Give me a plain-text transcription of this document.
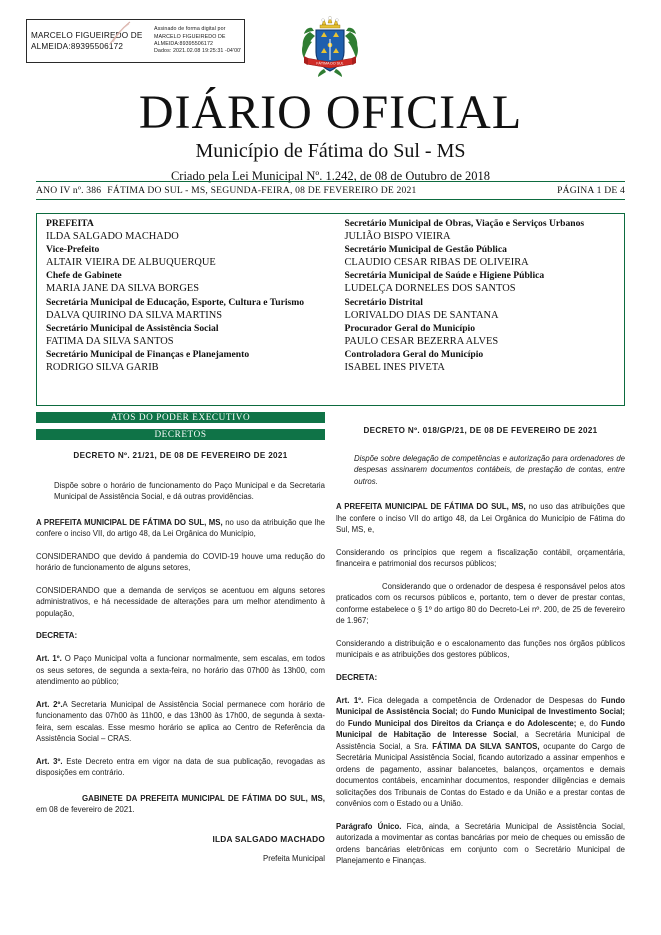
MARCELO FIGUEIREDO DE
ALMEIDA:89395506172
Assinado de forma digital por
MARCELO FIGUEIREDO DE
ALMEIDA:89395506172
Dados: 2021.02.08 19:25:31 -04'00'
FÁTIMA DO SUL
DIÁRIO OFICIAL
Município de Fátima do Sul - MS
Criado pela Lei Municipal Nº. 1.242, de 08 de Outubro de 2018
ANO IV nº. 386 FÁTIMA DO SUL - MS, SEGUNDA-FEIRA, 08 DE FEVEREIRO DE 2021	PÁGINA 1 DE 4
PREFEITA
ILDA SALGADO MACHADO
Vice-Prefeito
ALTAIR VIEIRA DE ALBUQUERQUE
Chefe de Gabinete
MARIA JANE DA SILVA BORGES
Secretária Municipal de Educação, Esporte, Cultura e Turismo
DALVA QUIRINO DA SILVA MARTINS
Secretário Municipal de Assistência Social
FATIMA DA SILVA SANTOS
Secretário Municipal de Finanças e Planejamento
RODRIGO SILVA GARIB
Secretário Municipal de Obras, Viação e Serviços Urbanos
JULIÃO BISPO VIEIRA
Secretário Municipal de Gestão Pública
CLAUDIO CESAR RIBAS DE OLIVEIRA
Secretária Municipal de Saúde e Higiene Pública
LUDELÇA DORNELES DOS SANTOS
Secretário Distrital
LORIVALDO DIAS DE SANTANA
Procurador Geral do Município
PAULO CESAR BEZERRA ALVES
Controladora Geral do Município
ISABEL INES PIVETA
ATOS DO PODER EXECUTIVO
DECRETOS
DECRETO Nº. 21/21, DE 08 DE FEVEREIRO DE 2021
Dispõe sobre o horário de funcionamento do Paço Municipal e da Secretaria Municipal de Assistência Social, e dá outras providências.

A PREFEITA MUNICIPAL DE FÁTIMA DO SUL, MS, no uso da atribuição que lhe confere o inciso VII, do artigo 48, da Lei Orgânica do Município,

CONSIDERANDO que devido á pandemia do COVID-19 houve uma redução do horário de funcionamento de alguns setores,

CONSIDERANDO que a demanda de serviços se acentuou em alguns setores administrativos, e há necessidade de alterações para um melhor atendimento à população,

DECRETA:

Art. 1º. O Paço Municipal volta a funcionar normalmente, sem escalas, em todos os seus setores, de segunda a sexta-feira, no horário das 07h00 às 13h00, com atendimento ao público;

Art. 2º.A Secretaria Municipal de Assistência Social permanece com horário de funcionamento das 07h00 às 11h00, e das 13h00 às 17h00, de segunda à sexta-feira, sem escalas. Esse mesmo horário se aplica ao Centro de Referência da Assistência Social – CRAS.

Art. 3º. Este Decreto entra em vigor na data de sua publicação, revogadas as disposições em contrário.

GABINETE DA PREFEITA MUNICIPAL DE FÁTIMA DO SUL, MS, em 08 de fevereiro de 2021.

ILDA SALGADO MACHADO
Prefeita Municipal
DECRETO Nº. 018/GP/21, DE 08 DE FEVEREIRO DE 2021
Dispõe sobre delegação de competências e autorização para ordenadores de despesas assinarem documentos contábeis, de prestação de contas, entre outros.

A PREFEITA MUNICIPAL DE FÁTIMA DO SUL, MS, no uso das atribuições que lhe confere o inciso VII do artigo 48, da Lei Orgânica do Município de Fátima do Sul, MS, e,

Considerando os princípios que regem a fiscalização contábil, orçamentária, financeira e patrimonial dos recursos públicos;

Considerando que o ordenador de despesa é responsável pelos atos praticados com os recursos públicos e, portanto, tem o dever de prestar contas, conforme estabelece o § 1º do artigo 80 do Decreto-Lei nº. 200, de 25 de fevereiro de 1.967;

Considerando a distribuição e o escalonamento das funções nos órgãos públicos municipais e as atribuições dos gestores públicos,

DECRETA:

Art. 1º. Fica delegada a competência de Ordenador de Despesas do Fundo Municipal de Assistência Social; do Fundo Municipal de Investimento Social; do Fundo Municipal dos Direitos da Criança e do Adolescente; e, do Fundo Municipal de Habitação de Interesse Social, a Secretária Municipal de Assistência Social, a Sra. FÁTIMA DA SILVA SANTOS, ocupante do Cargo de Secretária Municipal Assistência Social, ficando autorizado a assinar empenhos e ordens de pagamento, assinar balancetes, balanços, orçamentos e demais documentos contábeis, encaminhar documentos, responder diligências e demais solicitações dos Tribunais de Contas do Estado e da União e a prestar contas de convênios com o Estado ou a União.

Parágrafo Único. Fica, ainda, a Secretária Municipal de Assistência Social, autorizada a movimentar as contas bancárias por meio de cheques ou emissão de ordens bancárias eletrônicas em conjunto com o Secretário Municipal de Planejamento e Finanças.
